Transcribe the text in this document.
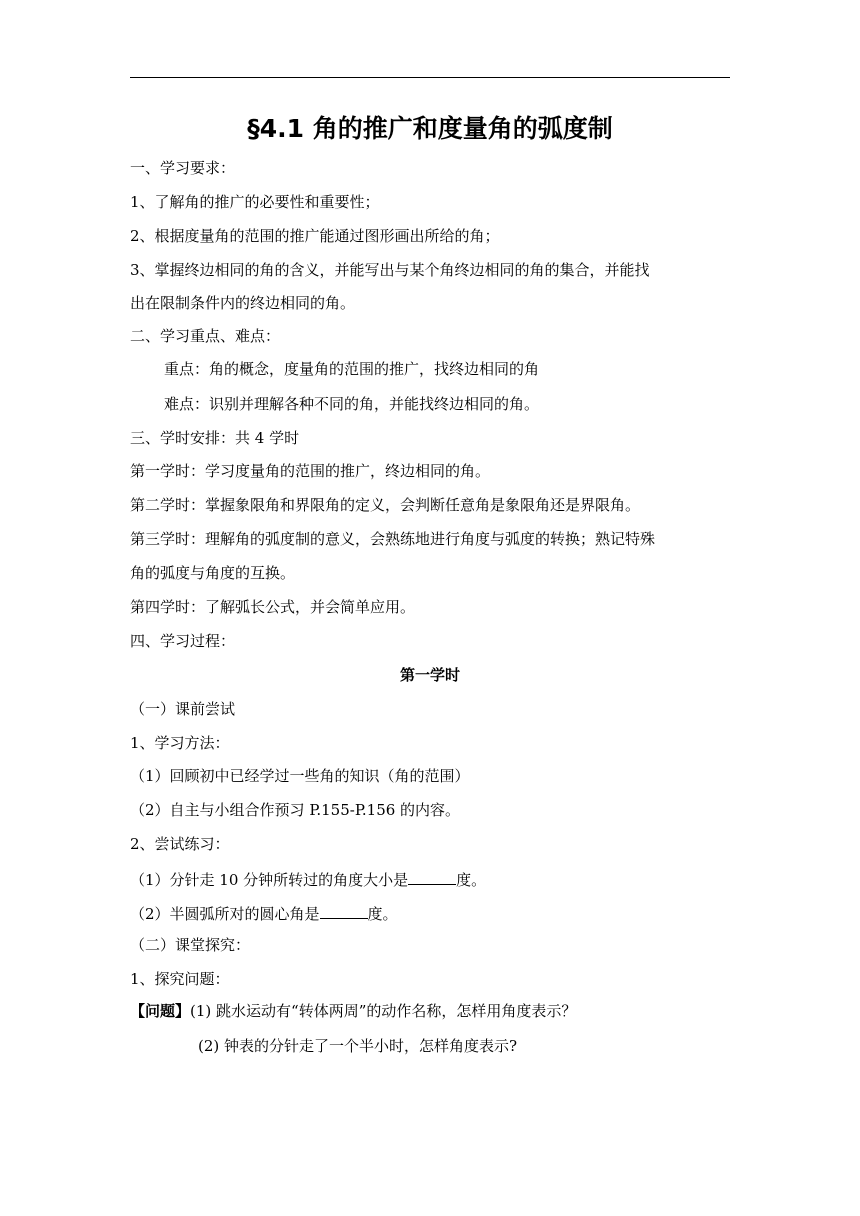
§4.1 角的推广和度量角的弧度制
一、学习要求：
1、了解角的推广的必要性和重要性；
2、根据度量角的范围的推广能通过图形画出所给的角；
3、掌握终边相同的角的含义，并能写出与某个角终边相同的角的集合，并能找
出在限制条件内的终边相同的角。
二、学习重点、难点：
重点：角的概念，度量角的范围的推广，找终边相同的角
难点：识别并理解各种不同的角，并能找终边相同的角。
三、学时安排：共 4 学时
第一学时：学习度量角的范围的推广，终边相同的角。
第二学时：掌握象限角和界限角的定义，会判断任意角是象限角还是界限角。
第三学时：理解角的弧度制的意义，会熟练地进行角度与弧度的转换；熟记特殊
角的弧度与角度的互换。
第四学时：了解弧长公式，并会简单应用。
四、学习过程：
第一学时
（一）课前尝试
1、学习方法：
（1）回顾初中已经学过一些角的知识（角的范围）
（2）自主与小组合作预习 P.155-P.156 的内容。
2、尝试练习：
（1）分针走 10 分钟所转过的角度大小是	度。
（2）半圆弧所对的圆心角是	度。
（二）课堂探究：
1、探究问题：
【问题】(1) 跳水运动有“转体两周”的动作名称，怎样用角度表示？
(2) 钟表的分针走了一个半小时，怎样角度表示?
